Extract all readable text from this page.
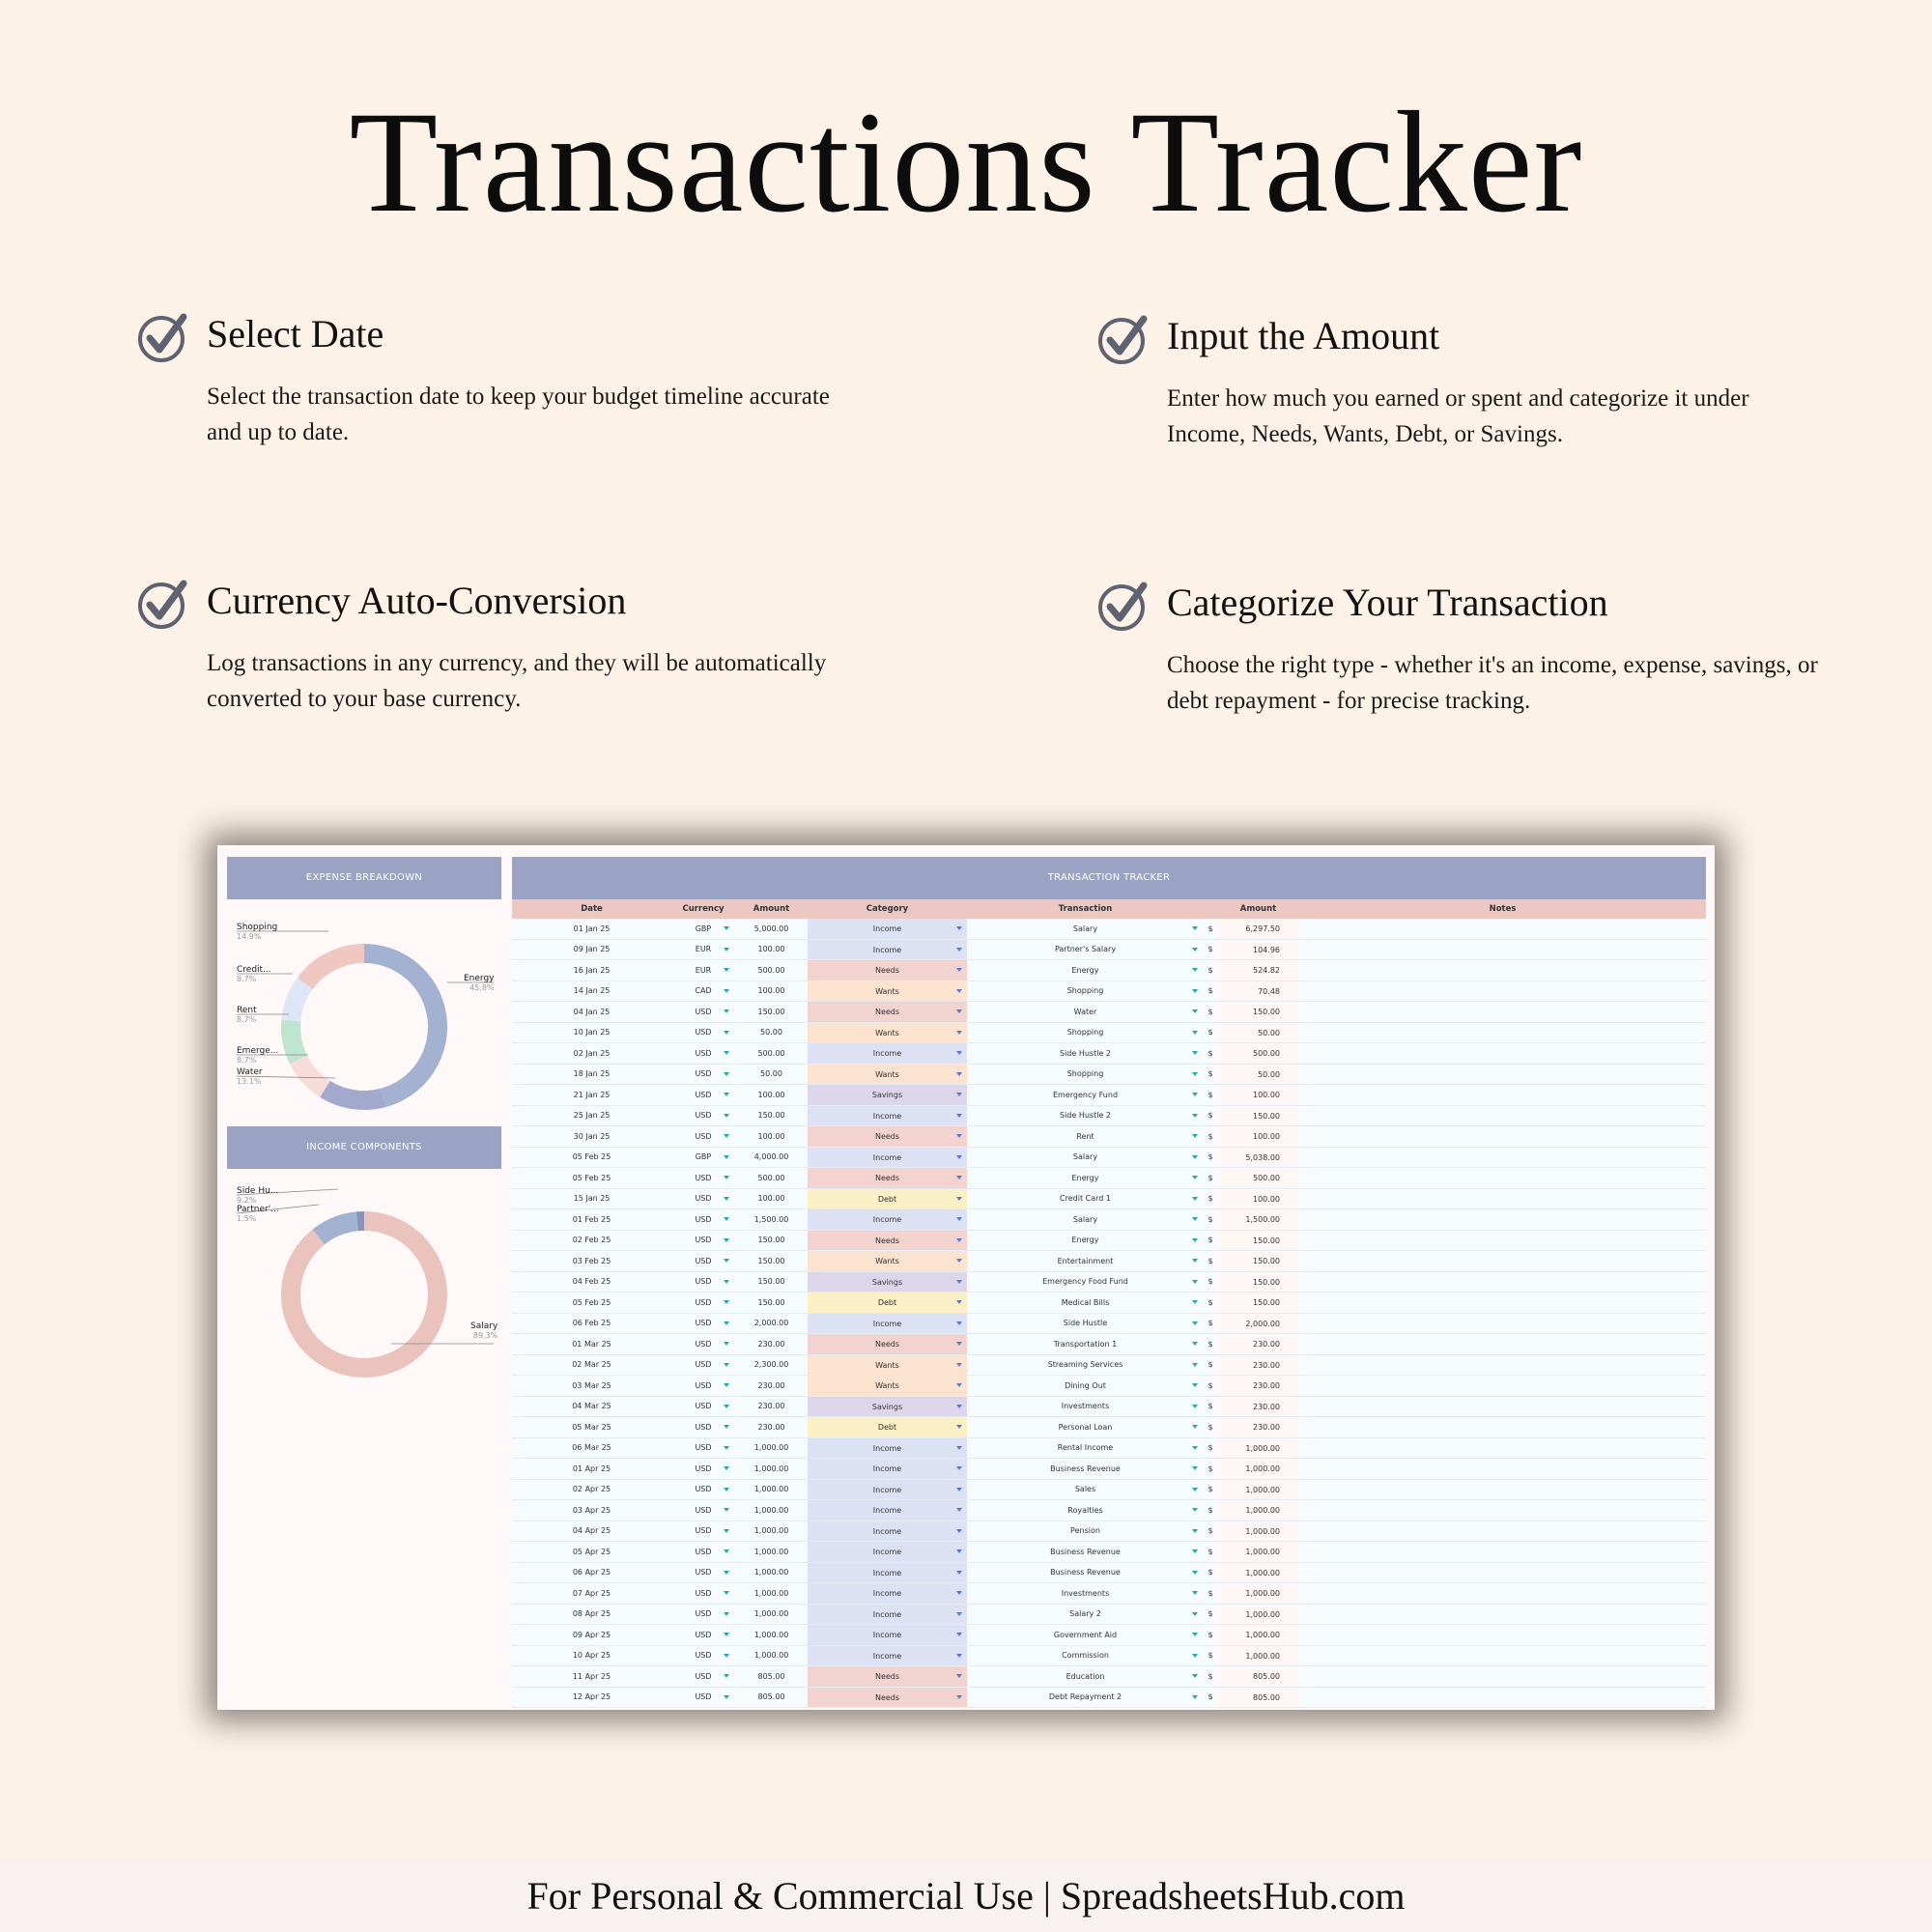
Transactions Tracker
Select Date

Select the transaction date to keep your budget timeline accurate and up to date.

Input the Amount

Enter how much you earned or spent and categorize it under Income, Needs, Wants, Debt, or Savings.

Currency Auto-Conversion

Log transactions in any currency, and they will be automatically converted to your base currency.

Categorize Your Transaction

Choose the right type - whether it's an income, expense, savings, or debt repayment - for precise tracking.

EXPENSE BREAKDOWN
Shopping
14.9%
Credit...
8.7%
Rent
8.7%
Emerge...
8.7%
Water
13.1%
Energy
45.8%
INCOME COMPONENTS
Side Hu...
9.2%
Partner'...
1.5%
Salary
89.3%
TRANSACTION TRACKER
Date	Currency	Amount	Category	Transaction	Amount	Notes
01 Jan 25	GBP	5,000.00	Income	Salary	$	6,297.50
09 Jan 25	EUR	100.00	Income	Partner's Salary	$	104.96
16 Jan 25	EUR	500.00	Needs	Energy	$	524.82
14 Jan 25	CAD	100.00	Wants	Shopping	$	70.48
04 Jan 25	USD	150.00	Needs	Water	$	150.00
10 Jan 25	USD	50.00	Wants	Shopping	$	50.00
02 Jan 25	USD	500.00	Income	Side Hustle 2	$	500.00
18 Jan 25	USD	50.00	Wants	Shopping	$	50.00
21 Jan 25	USD	100.00	Savings	Emergency Fund	$	100.00
25 Jan 25	USD	150.00	Income	Side Hustle 2	$	150.00
30 Jan 25	USD	100.00	Needs	Rent	$	100.00
05 Feb 25	GBP	4,000.00	Income	Salary	$	5,038.00
05 Feb 25	USD	500.00	Needs	Energy	$	500.00
15 Jan 25	USD	100.00	Debt	Credit Card 1	$	100.00
01 Feb 25	USD	1,500.00	Income	Salary	$	1,500.00
02 Feb 25	USD	150.00	Needs	Energy	$	150.00
03 Feb 25	USD	150.00	Wants	Entertainment	$	150.00
04 Feb 25	USD	150.00	Savings	Emergency Food Fund	$	150.00
05 Feb 25	USD	150.00	Debt	Medical Bills	$	150.00
06 Feb 25	USD	2,000.00	Income	Side Hustle	$	2,000.00
01 Mar 25	USD	230.00	Needs	Transportation 1	$	230.00
02 Mar 25	USD	2,300.00	Wants	Streaming Services	$	230.00
03 Mar 25	USD	230.00	Wants	Dining Out	$	230.00
04 Mar 25	USD	230.00	Savings	Investments	$	230.00
05 Mar 25	USD	230.00	Debt	Personal Loan	$	230.00
06 Mar 25	USD	1,000.00	Income	Rental Income	$	1,000.00
01 Apr 25	USD	1,000.00	Income	Business Revenue	$	1,000.00
02 Apr 25	USD	1,000.00	Income	Sales	$	1,000.00
03 Apr 25	USD	1,000.00	Income	Royalties	$	1,000.00
04 Apr 25	USD	1,000.00	Income	Pension	$	1,000.00
05 Apr 25	USD	1,000.00	Income	Business Revenue	$	1,000.00
06 Apr 25	USD	1,000.00	Income	Business Revenue	$	1,000.00
07 Apr 25	USD	1,000.00	Income	Investments	$	1,000.00
08 Apr 25	USD	1,000.00	Income	Salary 2	$	1,000.00
09 Apr 25	USD	1,000.00	Income	Government Aid	$	1,000.00
10 Apr 25	USD	1,000.00	Income	Commission	$	1,000.00
11 Apr 25	USD	805.00	Needs	Education	$	805.00
12 Apr 25	USD	805.00	Needs	Debt Repayment 2	$	805.00
For Personal & Commercial Use | SpreadsheetsHub.com
